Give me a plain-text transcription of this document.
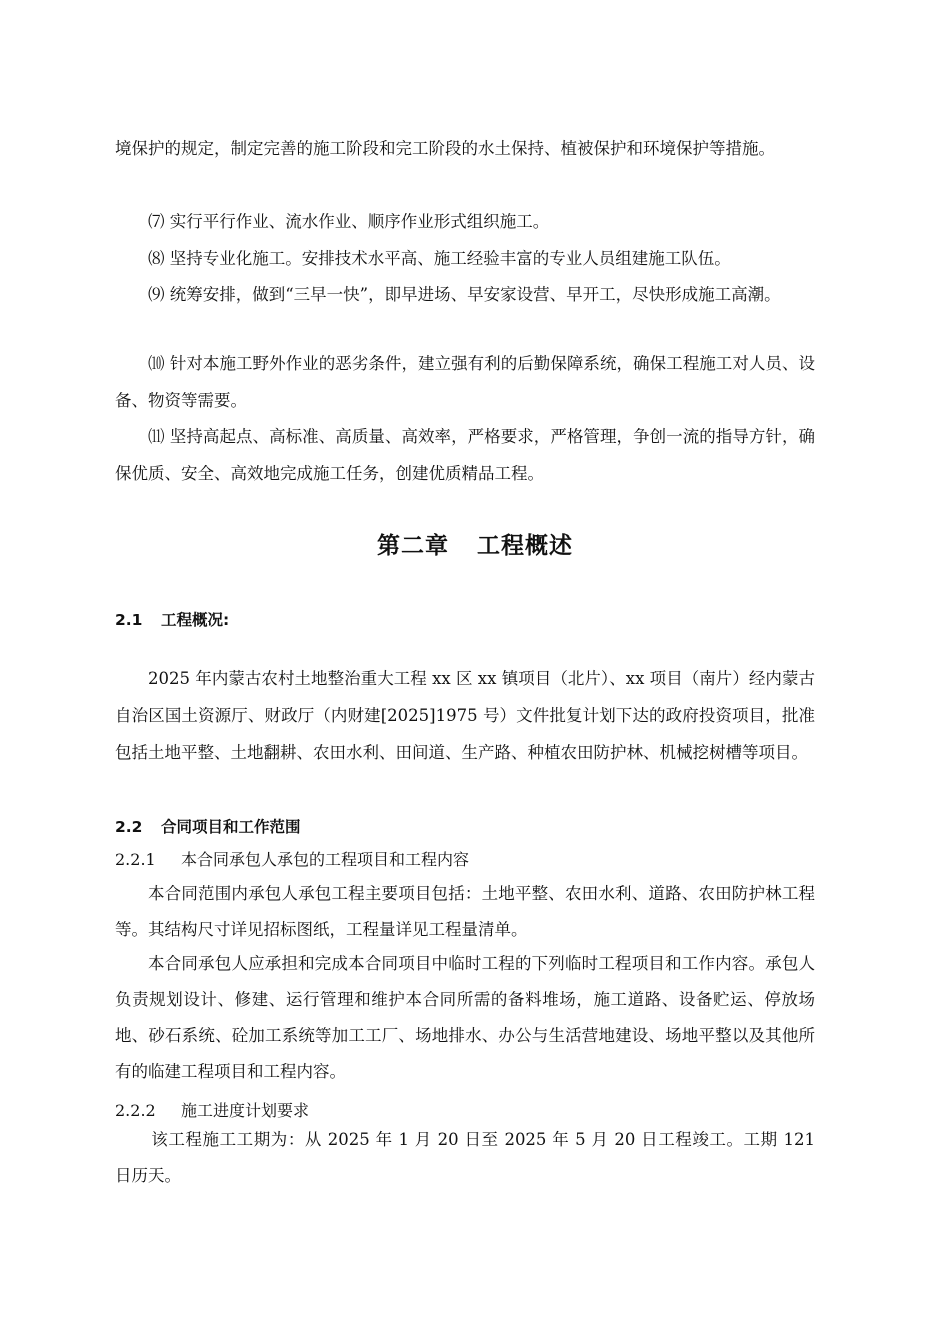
境保护的规定，制定完善的施工阶段和完工阶段的水土保持、植被保护和环境保护等措施。

⑺ 实行平行作业、流水作业、顺序作业形式组织施工。

⑻ 坚持专业化施工。安排技术水平高、施工经验丰富的专业人员组建施工队伍。

⑼ 统筹安排，做到“三早一快”，即早进场、早安家设营、早开工，尽快形成施工高潮。

⑽ 针对本施工野外作业的恶劣条件，建立强有利的后勤保障系统，确保工程施工对人员、设备、物资等需要。

⑾ 坚持高起点、高标准、高质量、高效率，严格要求，严格管理，争创一流的指导方针，确保优质、安全、高效地完成施工任务，创建优质精品工程。

第二章 工程概述
2.1 工程概况:

2025 年内蒙古农村土地整治重大工程 xx 区 xx 镇项目（北片）、xx 项目（南片）经内蒙古自治区国土资源厅、财政厅（内财建[2025]1975 号）文件批复计划下达的政府投资项目，批准包括土地平整、土地翻耕、农田水利、田间道、生产路、种植农田防护林、机械挖树槽等项目。

2.2 合同项目和工作范围
2.2.1 本合同承包人承包的工程项目和工程内容

本合同范围内承包人承包工程主要项目包括：土地平整、农田水利、道路、农田防护林工程等。其结构尺寸详见招标图纸，工程量详见工程量清单。

本合同承包人应承担和完成本合同项目中临时工程的下列临时工程项目和工作内容。承包人负责规划设计、修建、运行管理和维护本合同所需的备料堆场，施工道路、设备贮运、停放场地、砂石系统、砼加工系统等加工工厂、场地排水、办公与生活营地建设、场地平整以及其他所有的临建工程项目和工程内容。

2.2.2 施工进度计划要求

该工程施工工期为：从 2025 年 1 月 20 日至 2025 年 5 月 20 日工程竣工。工期 121 日历天。
